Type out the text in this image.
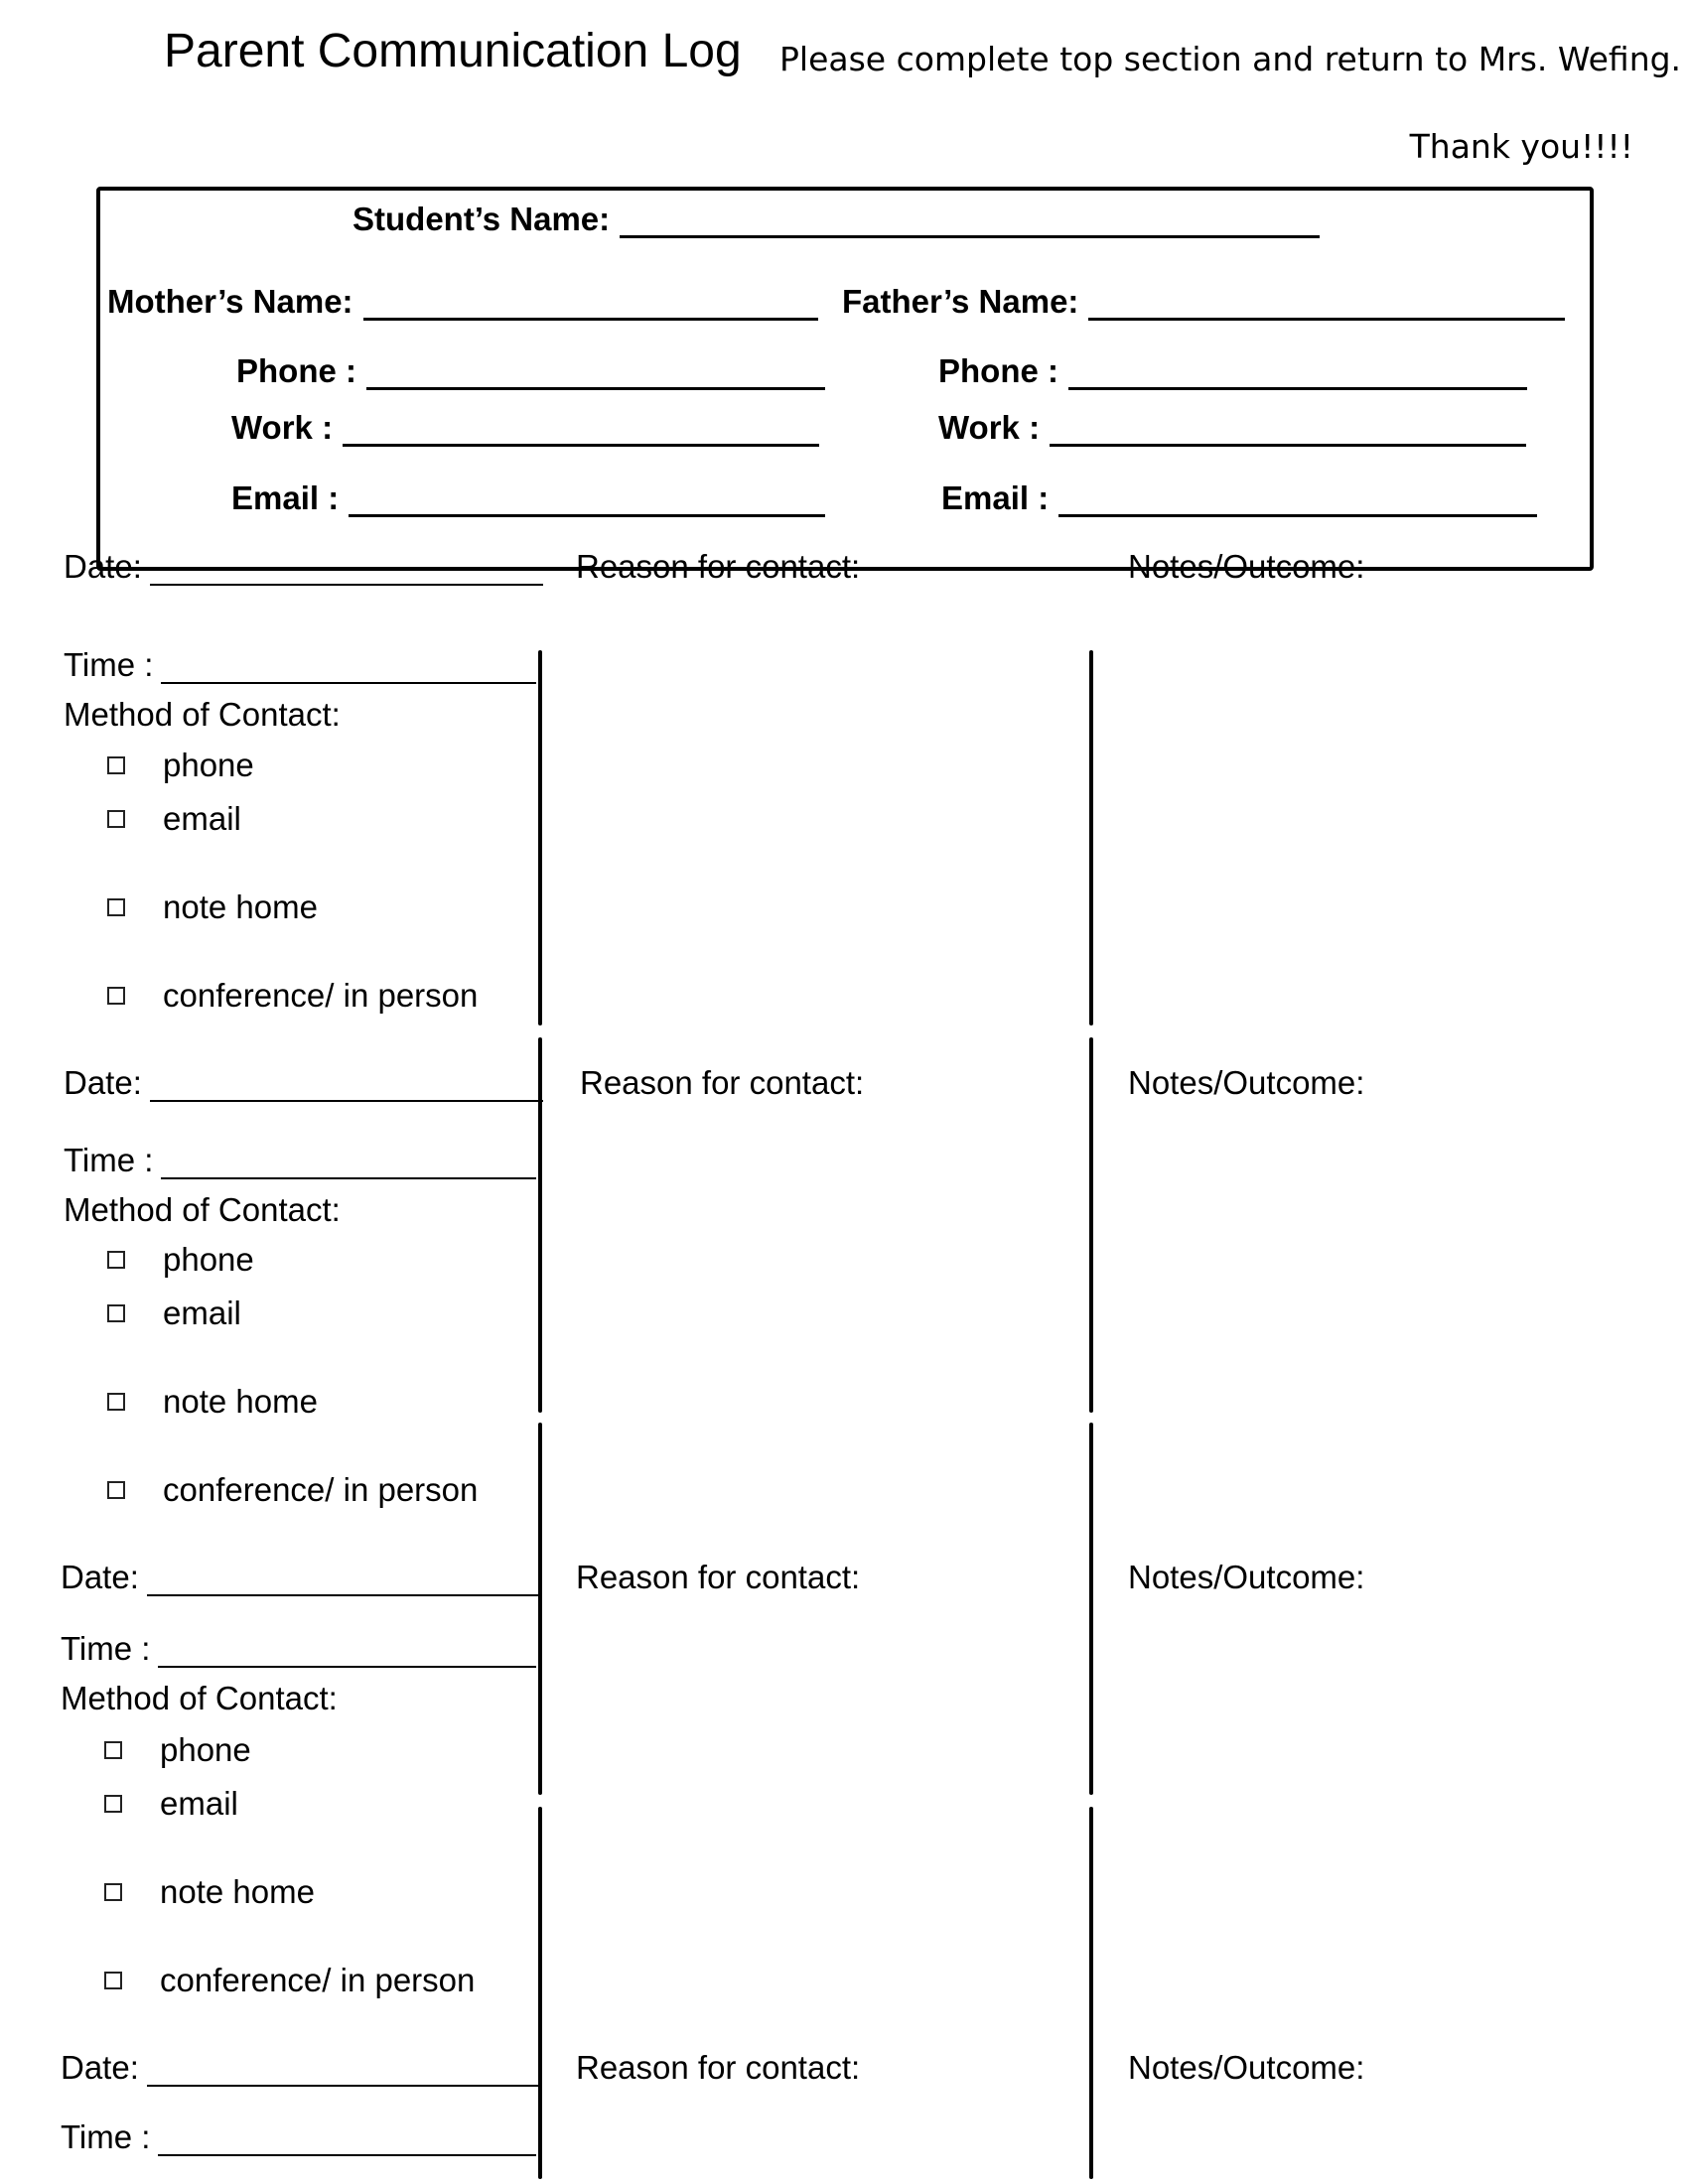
Parent Communication Log Please complete top section and return to Mrs. Wefing.
Thank you!!!!
Student’s Name:
Mother’s Name:	Father’s Name:
Phone :	Phone :
Work :	Work :
Email :	Email :
Date:	Reason for contact:	Notes/Outcome:
Time :
Method of Contact:
phone
email
note home
conference/ in person
Date:	Reason for contact:	Notes/Outcome:
Time :
Method of Contact:
phone
email
note home
conference/ in person
Date:	Reason for contact:	Notes/Outcome:
Time :
Method of Contact:
phone
email
note home
conference/ in person
Date:	Reason for contact:	Notes/Outcome:
Time :
